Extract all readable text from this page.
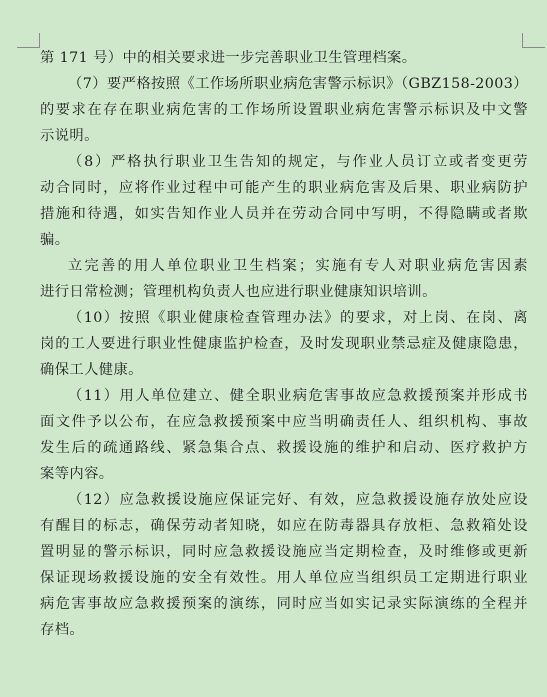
第 171 号）中的相关要求进一步完善职业卫生管理档案。
（7）要严格按照《工作场所职业病危害警示标识》（GBZ158-2003）
的要求在存在职业病危害的工作场所设置职业病危害警示标识及中文警
示说明。
（8）严格执行职业卫生告知的规定，与作业人员订立或者变更劳
动合同时，应将作业过程中可能产生的职业病危害及后果、职业病防护
措施和待遇，如实告知作业人员并在劳动合同中写明，不得隐瞒或者欺
骗。
立完善的用人单位职业卫生档案；实施有专人对职业病危害因素
进行日常检测；管理机构负责人也应进行职业健康知识培训。
（10）按照《职业健康检查管理办法》的要求，对上岗、在岗、离
岗的工人要进行职业性健康监护检查，及时发现职业禁忌症及健康隐患，
确保工人健康。
（11）用人单位建立、健全职业病危害事故应急救援预案并形成书
面文件予以公布，在应急救援预案中应当明确责任人、组织机构、事故
发生后的疏通路线、紧急集合点、救援设施的维护和启动、医疗救护方
案等内容。
（12）应急救援设施应保证完好、有效，应急救援设施存放处应设
有醒目的标志，确保劳动者知晓，如应在防毒器具存放柜、急救箱处设
置明显的警示标识，同时应急救援设施应当定期检查，及时维修或更新
保证现场救援设施的安全有效性。用人单位应当组织员工定期进行职业
病危害事故应急救援预案的演练，同时应当如实记录实际演练的全程并
存档。
